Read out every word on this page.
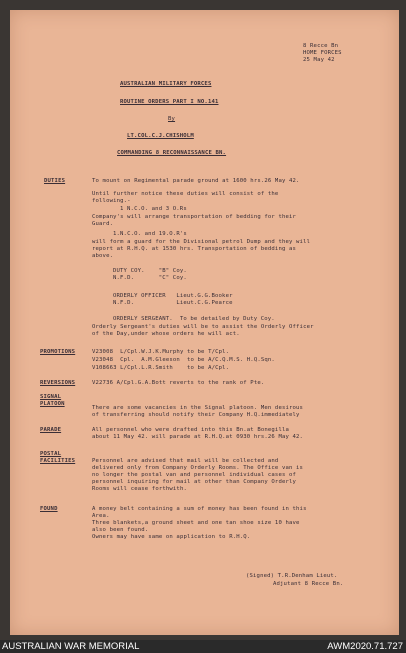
8 Recce Bn
HOME FORCES
25 May 42
AUSTRALIAN MILITARY FORCES
ROUTINE ORDERS PART I NO.141
By
LT.COL.C.J.CHISHOLM
COMMANDING 8 RECONNAISSANCE BN.
DUTIES	To mount on Regimental parade ground at 1600 hrs.26 May 42.
Until further notice these duties will consist of the
following.-
1 N.C.O. and 3 O.Rs
Company's will arrange transportation of bedding for their
Guard.
1.N.C.O. and 19.O.R's
will form a guard for the Divisional petrol Dump and they will
report at R.H.Q. at 1530 hrs. Transportation of bedding as
above.
DUTY COY.    "B" Coy.
N.F.D.       "C" Coy.
ORDERLY OFFICER   Lieut.G.G.Booker
N.F.D.            Lieut.C.G.Pearce
ORDERLY SERGEANT.  To be detailed by Duty Coy.
Orderly Sergeant's duties will be to assist the Orderly Officer
of the Day,under whose orders he will act.
PROMOTIONS	V23008  L/Cpl.W.J.K.Murphy to be T/Cpl.
V23048  Cpl.  A.M.Gleeson  to be A/C.Q.M.S. H.Q.Sqn.
V108663 L/Cpl.L.R.Smith    to be A/Cpl.
REVERSIONS	V22736 A/Cpl.G.A.Bott reverts to the rank of Pte.
SIGNAL
PLATOON
There are some vacancies in the Signal platoon. Men desirous
of transferring should notify their Company H.Q.immediately
PARADE	All personnel who were drafted into this Bn.at Bonegilla
about 11 May 42. will parade at R.H.Q.at 0930 hrs.26 May 42.
POSTAL
FACILITIES	Personnel are advised that mail will be collected and
delivered only from Company Orderly Rooms. The Office van is
no longer the postal van and personnel individual cases of
personnel inquiring for mail at other than Company Orderly
Rooms will cease forthwith.
FOUND	A money belt containing a sum of money has been found in this
Area.
Three blankets,a ground sheet and one tan shoe size 10 have
also been found.
Owners may have same on application to R.H.Q.
(Signed) T.R.Denham Lieut.
Adjutant 8 Recce Bn.
AUSTRALIAN WAR MEMORIAL	AWM2020.71.727
